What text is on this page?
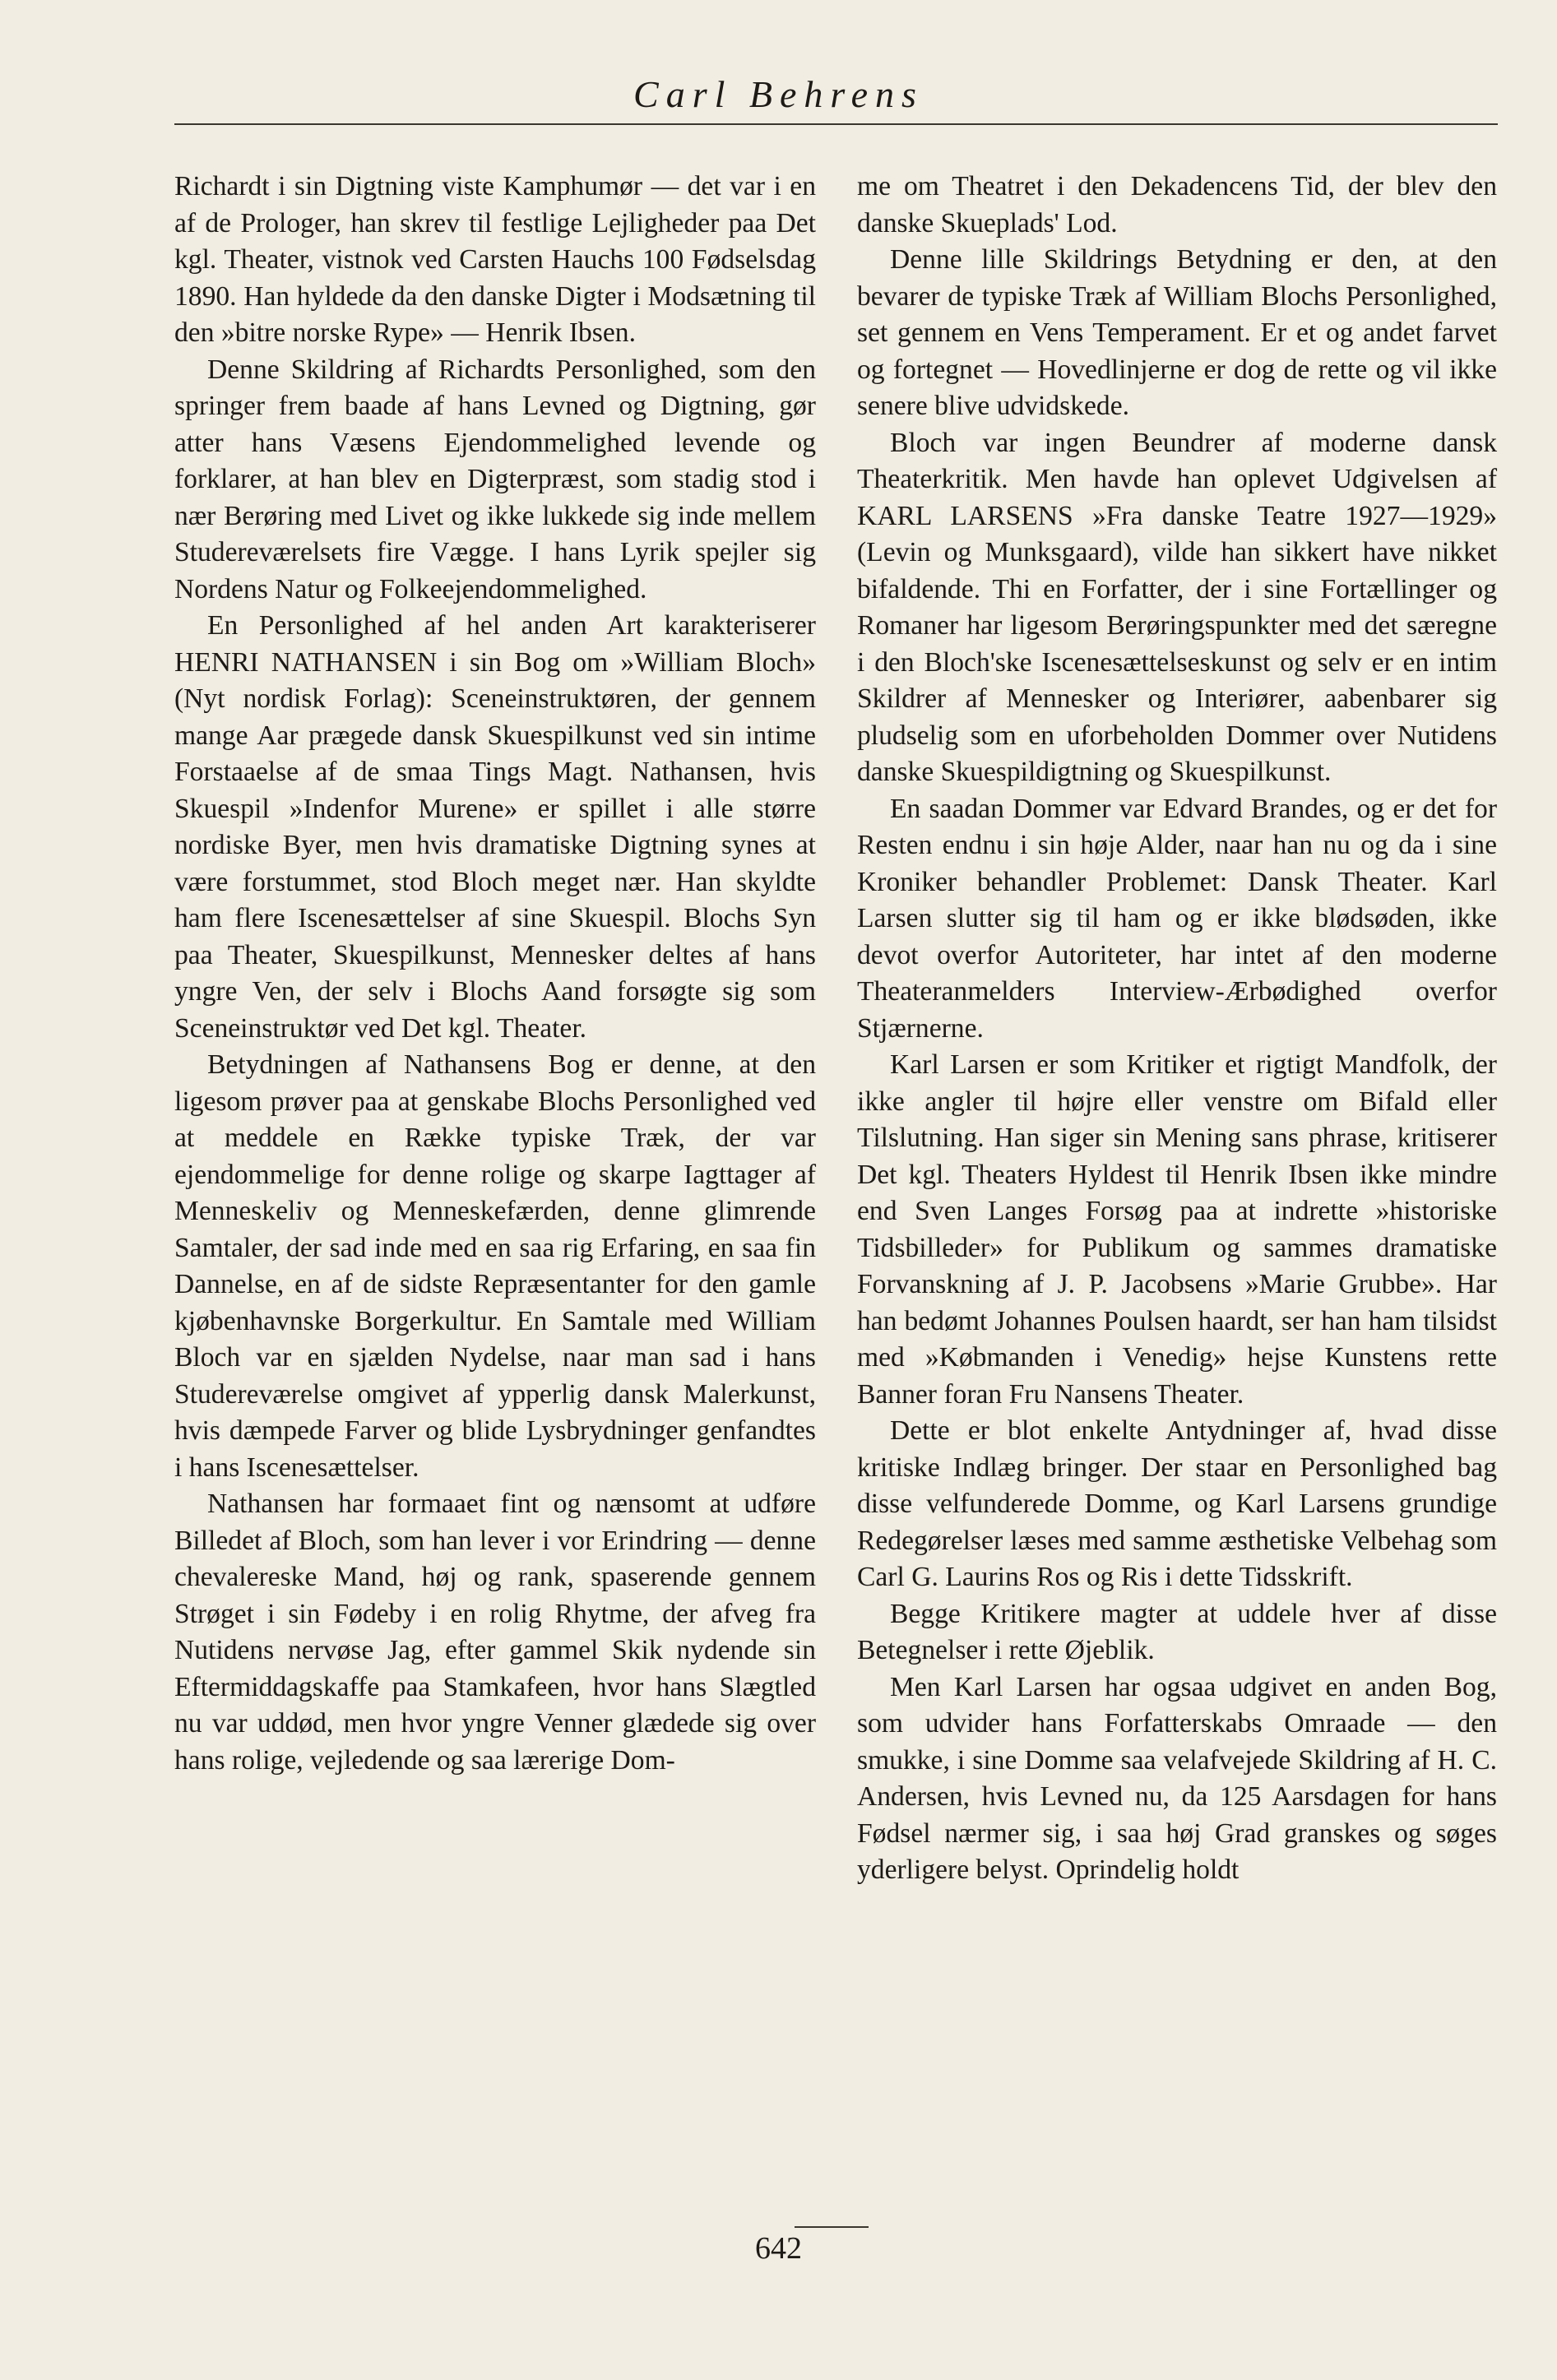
Carl Behrens

Richardt i sin Digtning viste Kamphumør — det var i en af de Prologer, han skrev til festlige Lejligheder paa Det kgl. Theater, vistnok ved Carsten Hauchs 100 Fødselsdag 1890. Han hyldede da den danske Digter i Modsætning til den »bitre norske Rype» — Henrik Ibsen.

Denne Skildring af Richardts Personlighed, som den springer frem baade af hans Levned og Digtning, gør atter hans Væsens Ejendommelighed levende og forklarer, at han blev en Digterpræst, som stadig stod i nær Berøring med Livet og ikke lukkede sig inde mellem Studereværelsets fire Vægge. I hans Lyrik spejler sig Nordens Natur og Folkeejendommelighed.

En Personlighed af hel anden Art karakteriserer HENRI NATHANSEN i sin Bog om »William Bloch» (Nyt nordisk Forlag): Sceneinstruktøren, der gennem mange Aar prægede dansk Skuespilkunst ved sin intime Forstaaelse af de smaa Tings Magt. Nathansen, hvis Skuespil »Indenfor Murene» er spillet i alle større nordiske Byer, men hvis dramatiske Digtning synes at være forstummet, stod Bloch meget nær. Han skyldte ham flere Iscenesættelser af sine Skuespil. Blochs Syn paa Theater, Skuespilkunst, Mennesker deltes af hans yngre Ven, der selv i Blochs Aand forsøgte sig som Sceneinstruktør ved Det kgl. Theater.

Betydningen af Nathansens Bog er denne, at den ligesom prøver paa at genskabe Blochs Personlighed ved at meddele en Række typiske Træk, der var ejendommelige for denne rolige og skarpe Iagttager af Menneskeliv og Menneskefærden, denne glimrende Samtaler, der sad inde med en saa rig Erfaring, en saa fin Dannelse, en af de sidste Repræsentanter for den gamle kjøbenhavnske Borgerkultur. En Samtale med William Bloch var en sjælden Nydelse, naar man sad i hans Studereværelse omgivet af ypperlig dansk Malerkunst, hvis dæmpede Farver og blide Lysbrydninger genfandtes i hans Iscenesættelser.

Nathansen har formaaet fint og nænsomt at udføre Billedet af Bloch, som han lever i vor Erindring — denne chevalereske Mand, høj og rank, spaserende gennem Strøget i sin Fødeby i en rolig Rhytme, der afveg fra Nutidens nervøse Jag, efter gammel Skik nydende sin Eftermiddagskaffe paa Stamkafeen, hvor hans Slægtled nu var uddød, men hvor yngre Venner glædede sig over hans rolige, vejledende og saa lærerige Dom-

me om Theatret i den Dekadencens Tid, der blev den danske Skueplads' Lod.

Denne lille Skildrings Betydning er den, at den bevarer de typiske Træk af William Blochs Personlighed, set gennem en Vens Temperament. Er et og andet farvet og fortegnet — Hovedlinjerne er dog de rette og vil ikke senere blive udvidskede.

Bloch var ingen Beundrer af moderne dansk Theaterkritik. Men havde han oplevet Udgivelsen af KARL LARSENS »Fra danske Teatre 1927—1929» (Levin og Munksgaard), vilde han sikkert have nikket bifaldende. Thi en Forfatter, der i sine Fortællinger og Romaner har ligesom Berøringspunkter med det særegne i den Bloch'ske Iscenesættelseskunst og selv er en intim Skildrer af Mennesker og Interiører, aabenbarer sig pludselig som en uforbeholden Dommer over Nutidens danske Skuespildigtning og Skuespilkunst.

En saadan Dommer var Edvard Brandes, og er det for Resten endnu i sin høje Alder, naar han nu og da i sine Kroniker behandler Problemet: Dansk Theater. Karl Larsen slutter sig til ham og er ikke blødsøden, ikke devot overfor Autoriteter, har intet af den moderne Theateranmelders Interview-Ærbødighed overfor Stjærnerne.

Karl Larsen er som Kritiker et rigtigt Mandfolk, der ikke angler til højre eller venstre om Bifald eller Tilslutning. Han siger sin Mening sans phrase, kritiserer Det kgl. Theaters Hyldest til Henrik Ibsen ikke mindre end Sven Langes Forsøg paa at indrette »historiske Tidsbilleder» for Publikum og sammes dramatiske Forvanskning af J. P. Jacobsens »Marie Grubbe». Har han bedømt Johannes Poulsen haardt, ser han ham tilsidst med »Købmanden i Venedig» hejse Kunstens rette Banner foran Fru Nansens Theater.

Dette er blot enkelte Antydninger af, hvad disse kritiske Indlæg bringer. Der staar en Personlighed bag disse velfunderede Domme, og Karl Larsens grundige Redegørelser læses med samme æsthetiske Velbehag som Carl G. Laurins Ros og Ris i dette Tidsskrift.

Begge Kritikere magter at uddele hver af disse Betegnelser i rette Øjeblik.

Men Karl Larsen har ogsaa udgivet en anden Bog, som udvider hans Forfatterskabs Omraade — den smukke, i sine Domme saa velafvejede Skildring af H. C. Andersen, hvis Levned nu, da 125 Aarsdagen for hans Fødsel nærmer sig, i saa høj Grad granskes og søges yderligere belyst. Oprindelig holdt

642
